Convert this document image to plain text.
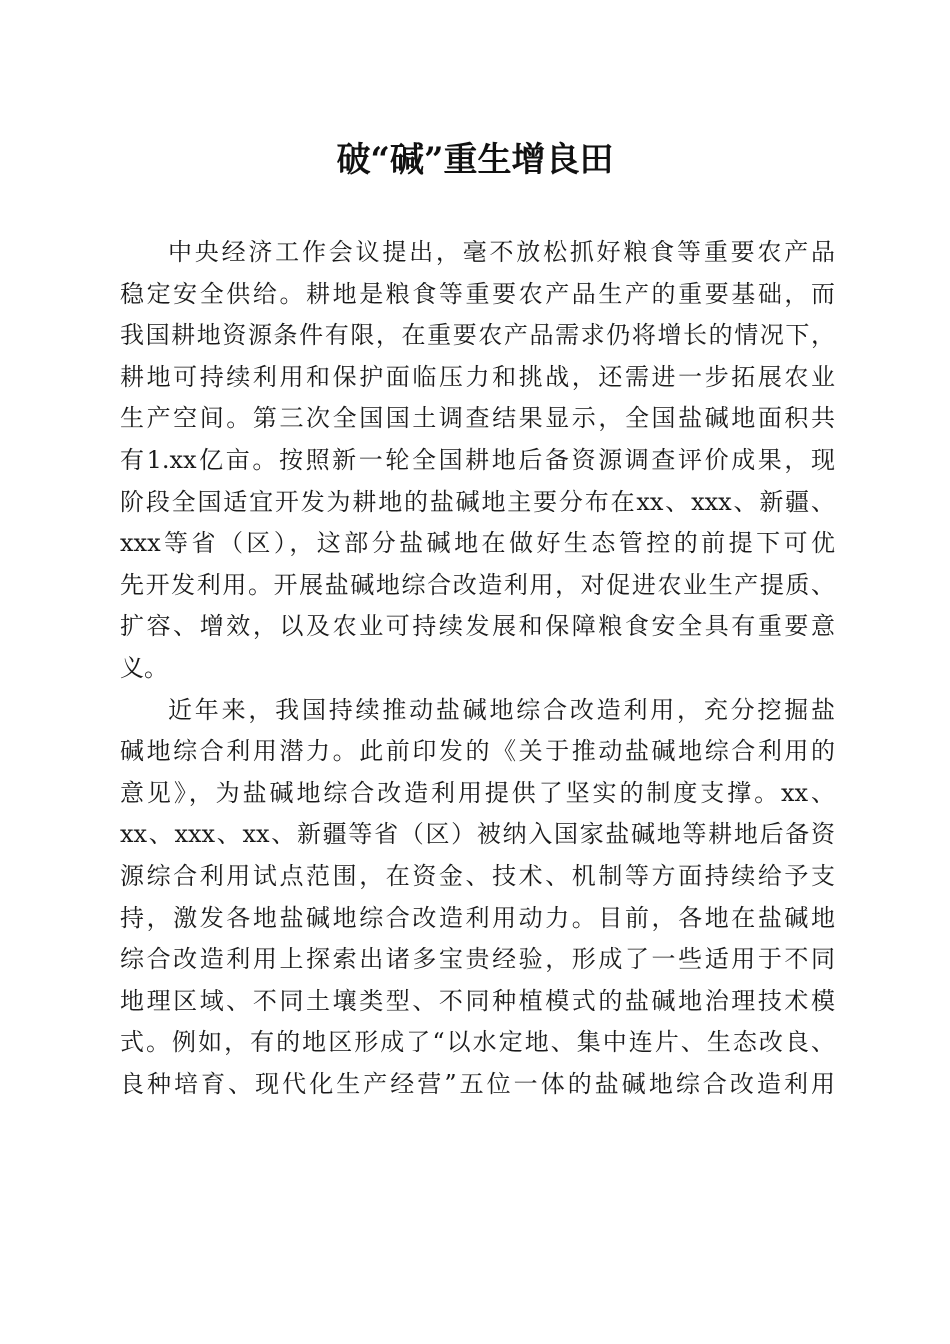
破“碱”重生增良田
中央经济工作会议提出，毫不放松抓好粮食等重要农产品
稳定安全供给。耕地是粮食等重要农产品生产的重要基础，而
我国耕地资源条件有限，在重要农产品需求仍将增长的情况下，
耕地可持续利用和保护面临压力和挑战，还需进一步拓展农业
生产空间。第三次全国国土调查结果显示，全国盐碱地面积共
有1.xx亿亩。按照新一轮全国耕地后备资源调查评价成果，现
阶段全国适宜开发为耕地的盐碱地主要分布在xx、xxx、新疆、
xxx等省（区），这部分盐碱地在做好生态管控的前提下可优
先开发利用。开展盐碱地综合改造利用，对促进农业生产提质、
扩容、增效，以及农业可持续发展和保障粮食安全具有重要意
义。
近年来，我国持续推动盐碱地综合改造利用，充分挖掘盐
碱地综合利用潜力。此前印发的《关于推动盐碱地综合利用的
意见》，为盐碱地综合改造利用提供了坚实的制度支撑。xx、
xx、xxx、xx、新疆等省（区）被纳入国家盐碱地等耕地后备资
源综合利用试点范围，在资金、技术、机制等方面持续给予支
持，激发各地盐碱地综合改造利用动力。目前，各地在盐碱地
综合改造利用上探索出诸多宝贵经验，形成了一些适用于不同
地理区域、不同土壤类型、不同种植模式的盐碱地治理技术模
式。例如，有的地区形成了“以水定地、集中连片、生态改良、
良种培育、现代化生产经营”五位一体的盐碱地综合改造利用
